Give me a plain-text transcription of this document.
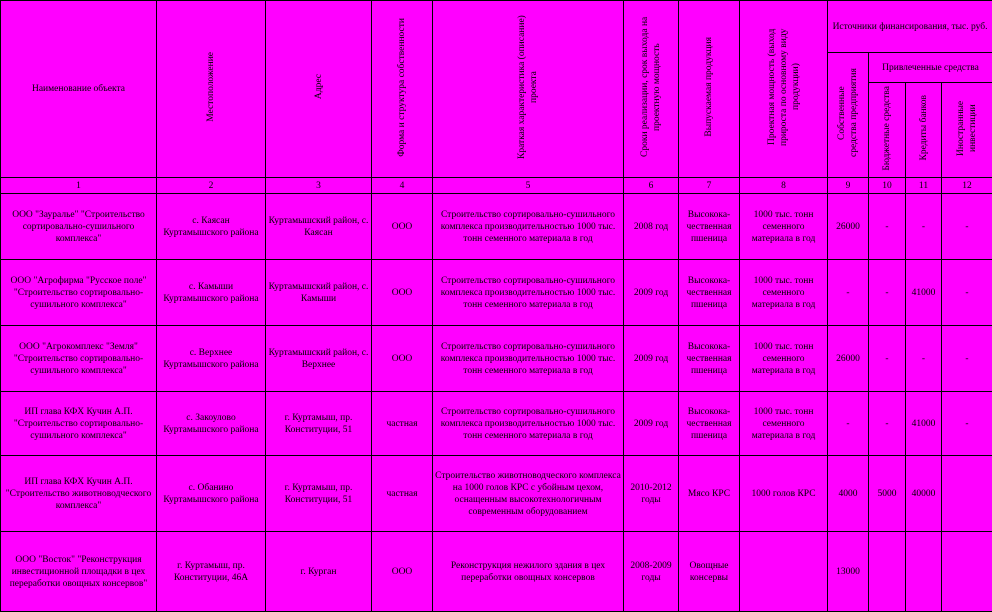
Наименование объекта	Местоположение	Адрес	Форма и структура собственности	Краткая характеристика (описание) проекта	Сроки реализации, срок выхода на проектную мощность	Выпускаемая продукция	Проектная мощность (выход прироста по основному виду продукции)	Источники финансирования, тыс. руб.			
								Собственные средства предприятия	Привлеченные средства		
									Бюджетные средства	Кредиты банков	Иностранные инвестиции
1	2	3	4	5	6	7	8	9	10	11	12
ООО "Зауралье" "Строительство сортировально-сушильного комплекса"	с. Каясан Куртамышского района	Куртамышский район, с. Каясан	ООО	Строительство сортировально-сушильного комплекса производительностью 1000 тыс. тонн семенного материала в год	2008 год	Высокока-чественная пшеница	1000 тыс. тонн семенного материала в год	26000	-	-	-
ООО "Агрофирма "Русское поле" "Строительство сортировально-сушильного комплекса"	с. Камыши Куртамышского района	Куртамышский район, с. Камыши	ООО	Строительство сортировально-сушильного комплекса производительностью 1000 тыс. тонн семенного материала в год	2009 год	Высокока-чественная пшеница	1000 тыс. тонн семенного материала в год	-	-	41000	-
ООО "Агрокомплекс "Земля" "Строительство сортировально-сушильного комплекса"	с. Верхнее Куртамышского района	Куртамышский район, с. Верхнее	ООО	Строительство сортировально-сушильного комплекса производительностью 1000 тыс. тонн семенного материала в год	2009 год	Высокока-чественная пшеница	1000 тыс. тонн семенного материала в год	26000	-	-	-
ИП глава КФХ Кучин А.П. "Строительство сортировально-сушильного комплекса"	с. Закоулово Куртамышского района	г. Куртамыш, пр. Конституции, 51	частная	Строительство сортировально-сушильного комплекса производительностью 1000 тыс. тонн семенного материала в год	2009 год	Высокока-чественная пшеница	1000 тыс. тонн семенного материала в год	-	-	41000	-
ИП глава КФХ Кучин А.П. "Строительство животноводческого комплекса"	с. Обанино Куртамышского района	г. Куртамыш, пр. Конституции, 51	частная	Строительство животноводческого комплекса на 1000 голов КРС с убойным цехом, оснащенным высокотехнологичным современным оборудованием	2010-2012 годы	Мясо КРС	1000 голов КРС	4000	5000	40000	
ООО "Восток" "Реконструкция инвестиционной площадки в цех переработки овощных консервов"	г. Куртамыш, пр. Конституции, 46А	г. Курган	ООО	Реконструкция нежилого здания в цех переработки овощных консервов	2008-2009 годы	Овощные консервы		13000			
